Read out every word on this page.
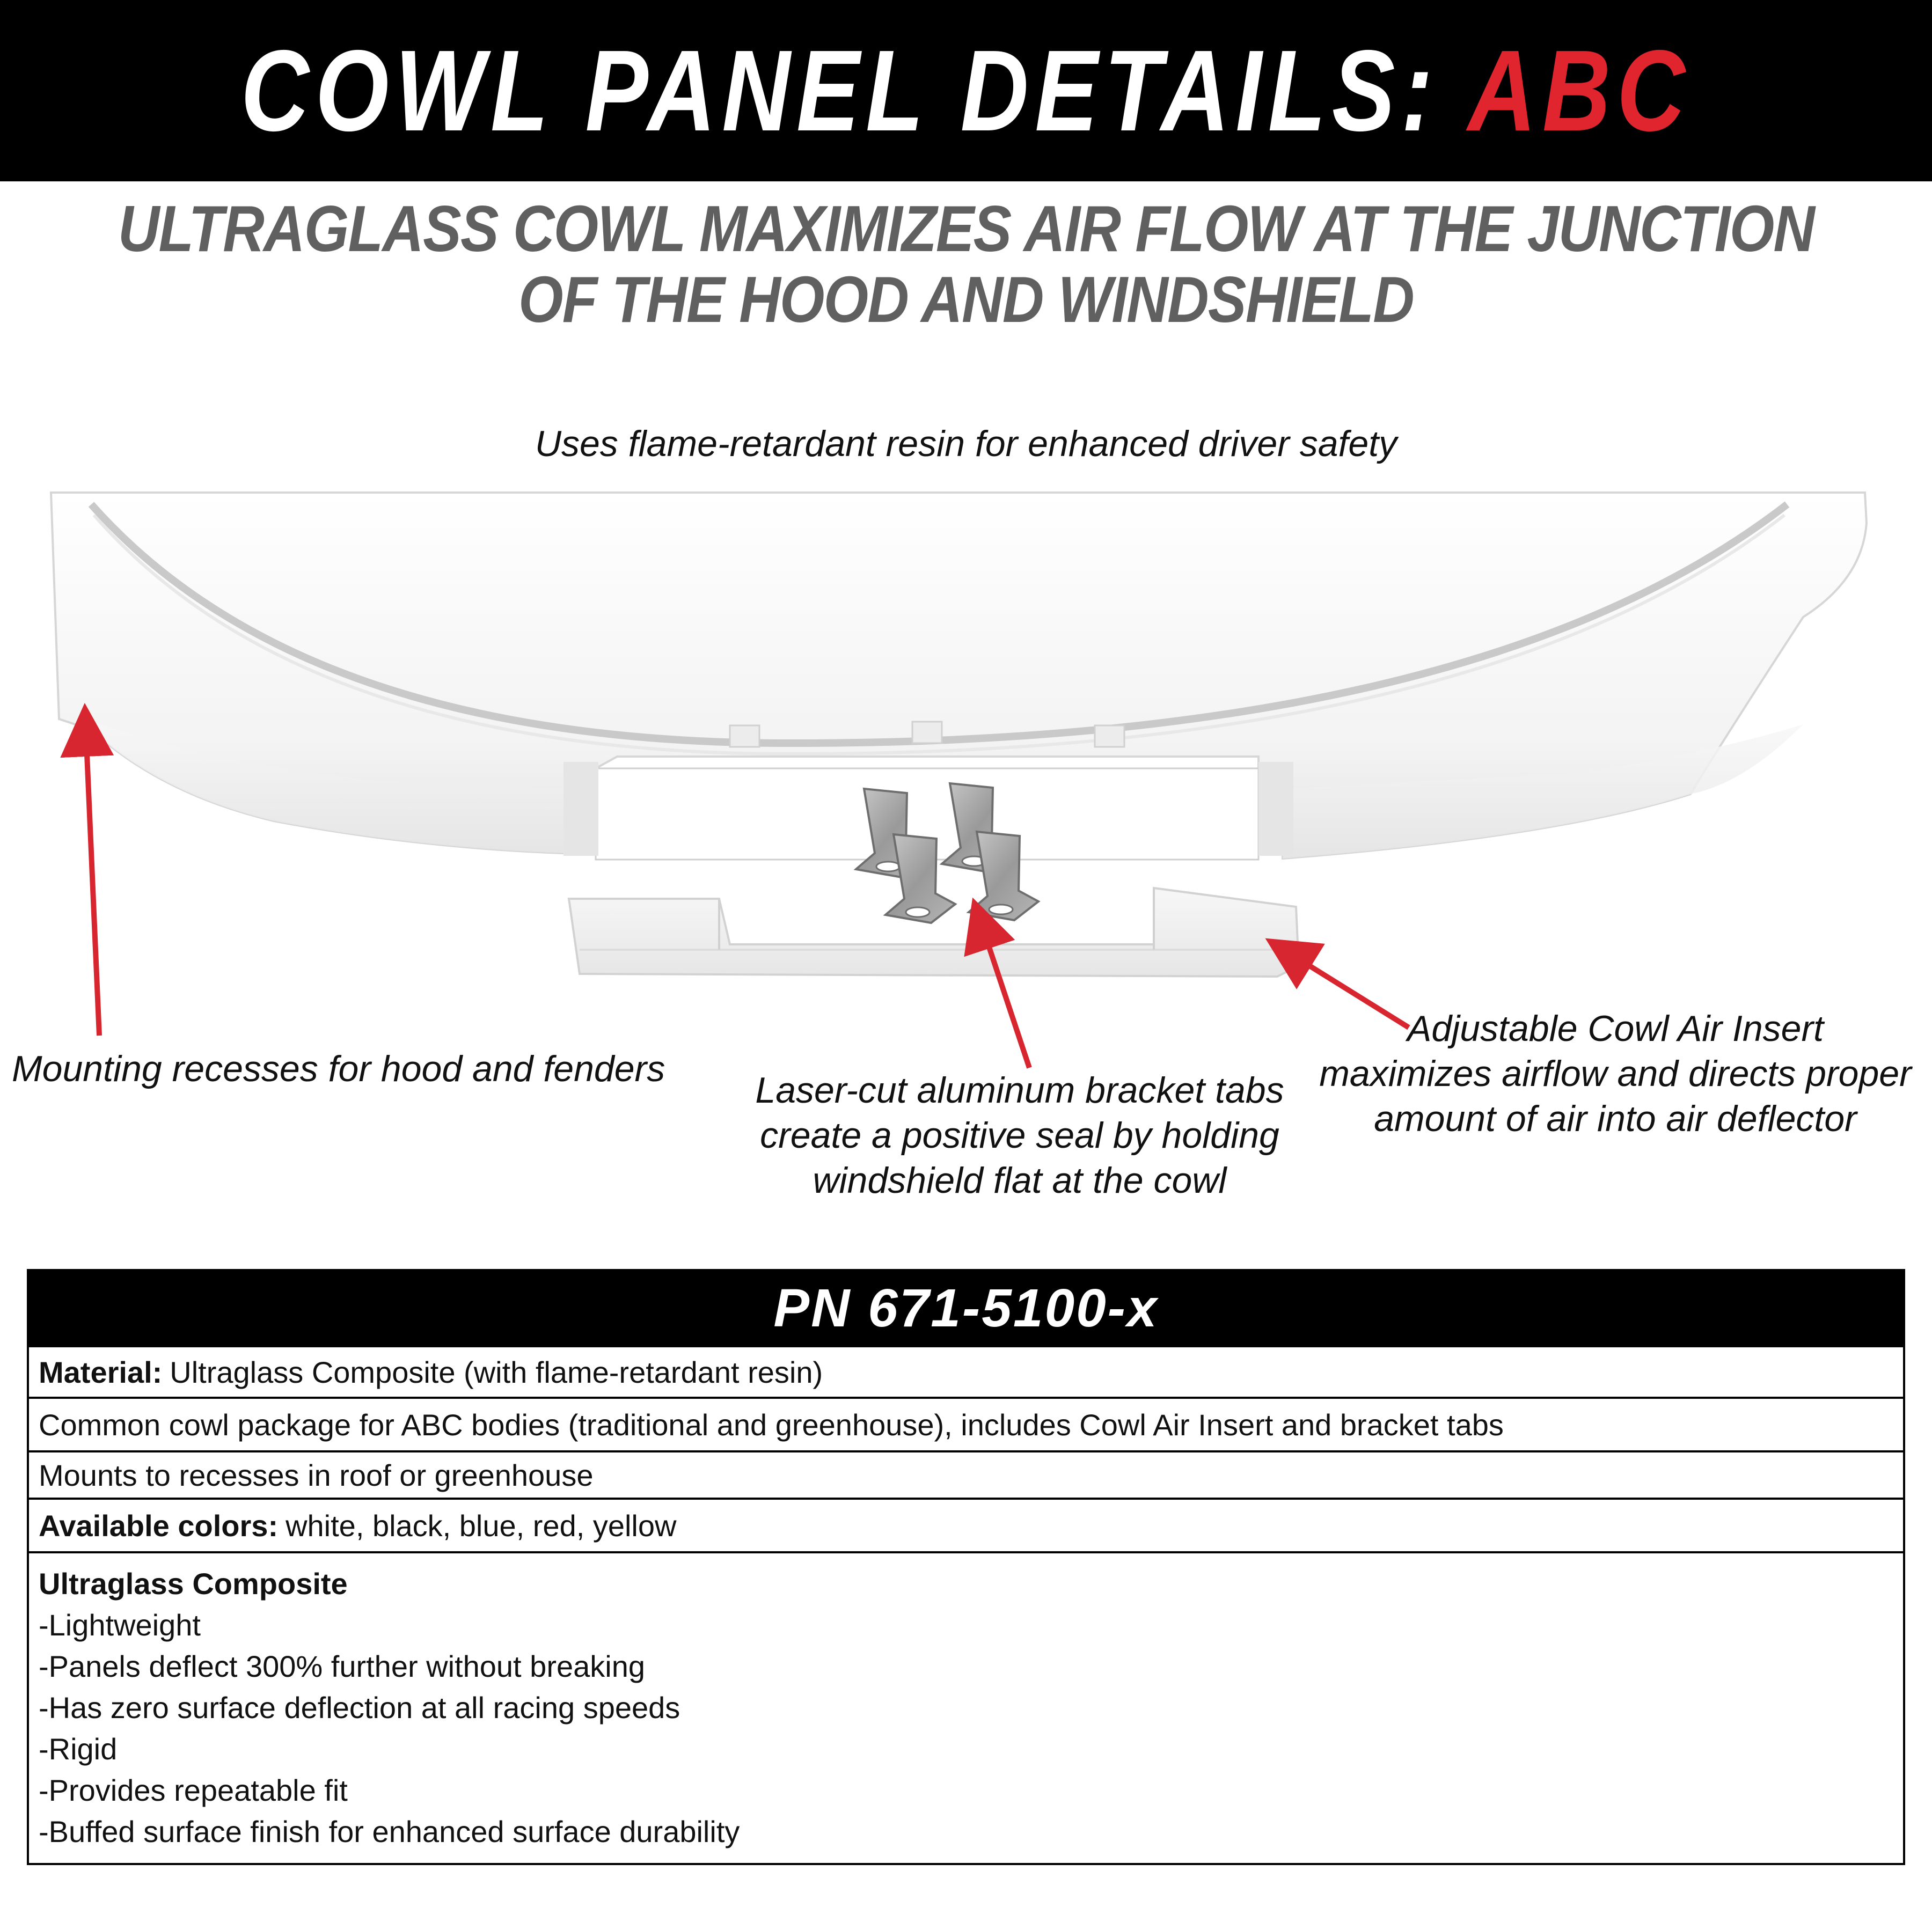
COWL PANEL DETAILS: ABC
ULTRAGLASS COWL MAXIMIZES AIR FLOW AT THE JUNCTION
OF THE HOOD AND WINDSHIELD
Uses flame-retardant resin for enhanced driver safety
Mounting recesses for hood and fenders
Laser-cut aluminum bracket tabs
create a positive seal by holding
windshield flat at the cowl
Adjustable Cowl Air Insert
maximizes airflow and directs proper
amount of air into air deflector
PN 671-5100-x
Material: Ultraglass Composite (with flame-retardant resin)
Common cowl package for ABC bodies (traditional and greenhouse), includes Cowl Air Insert and bracket tabs
Mounts to recesses in roof or greenhouse
Available colors: white, black, blue, red, yellow
Ultraglass Composite
-Lightweight
-Panels deflect 300% further without breaking
-Has zero surface deflection at all racing speeds
-Rigid
-Provides repeatable fit
-Buffed surface finish for enhanced surface durability
